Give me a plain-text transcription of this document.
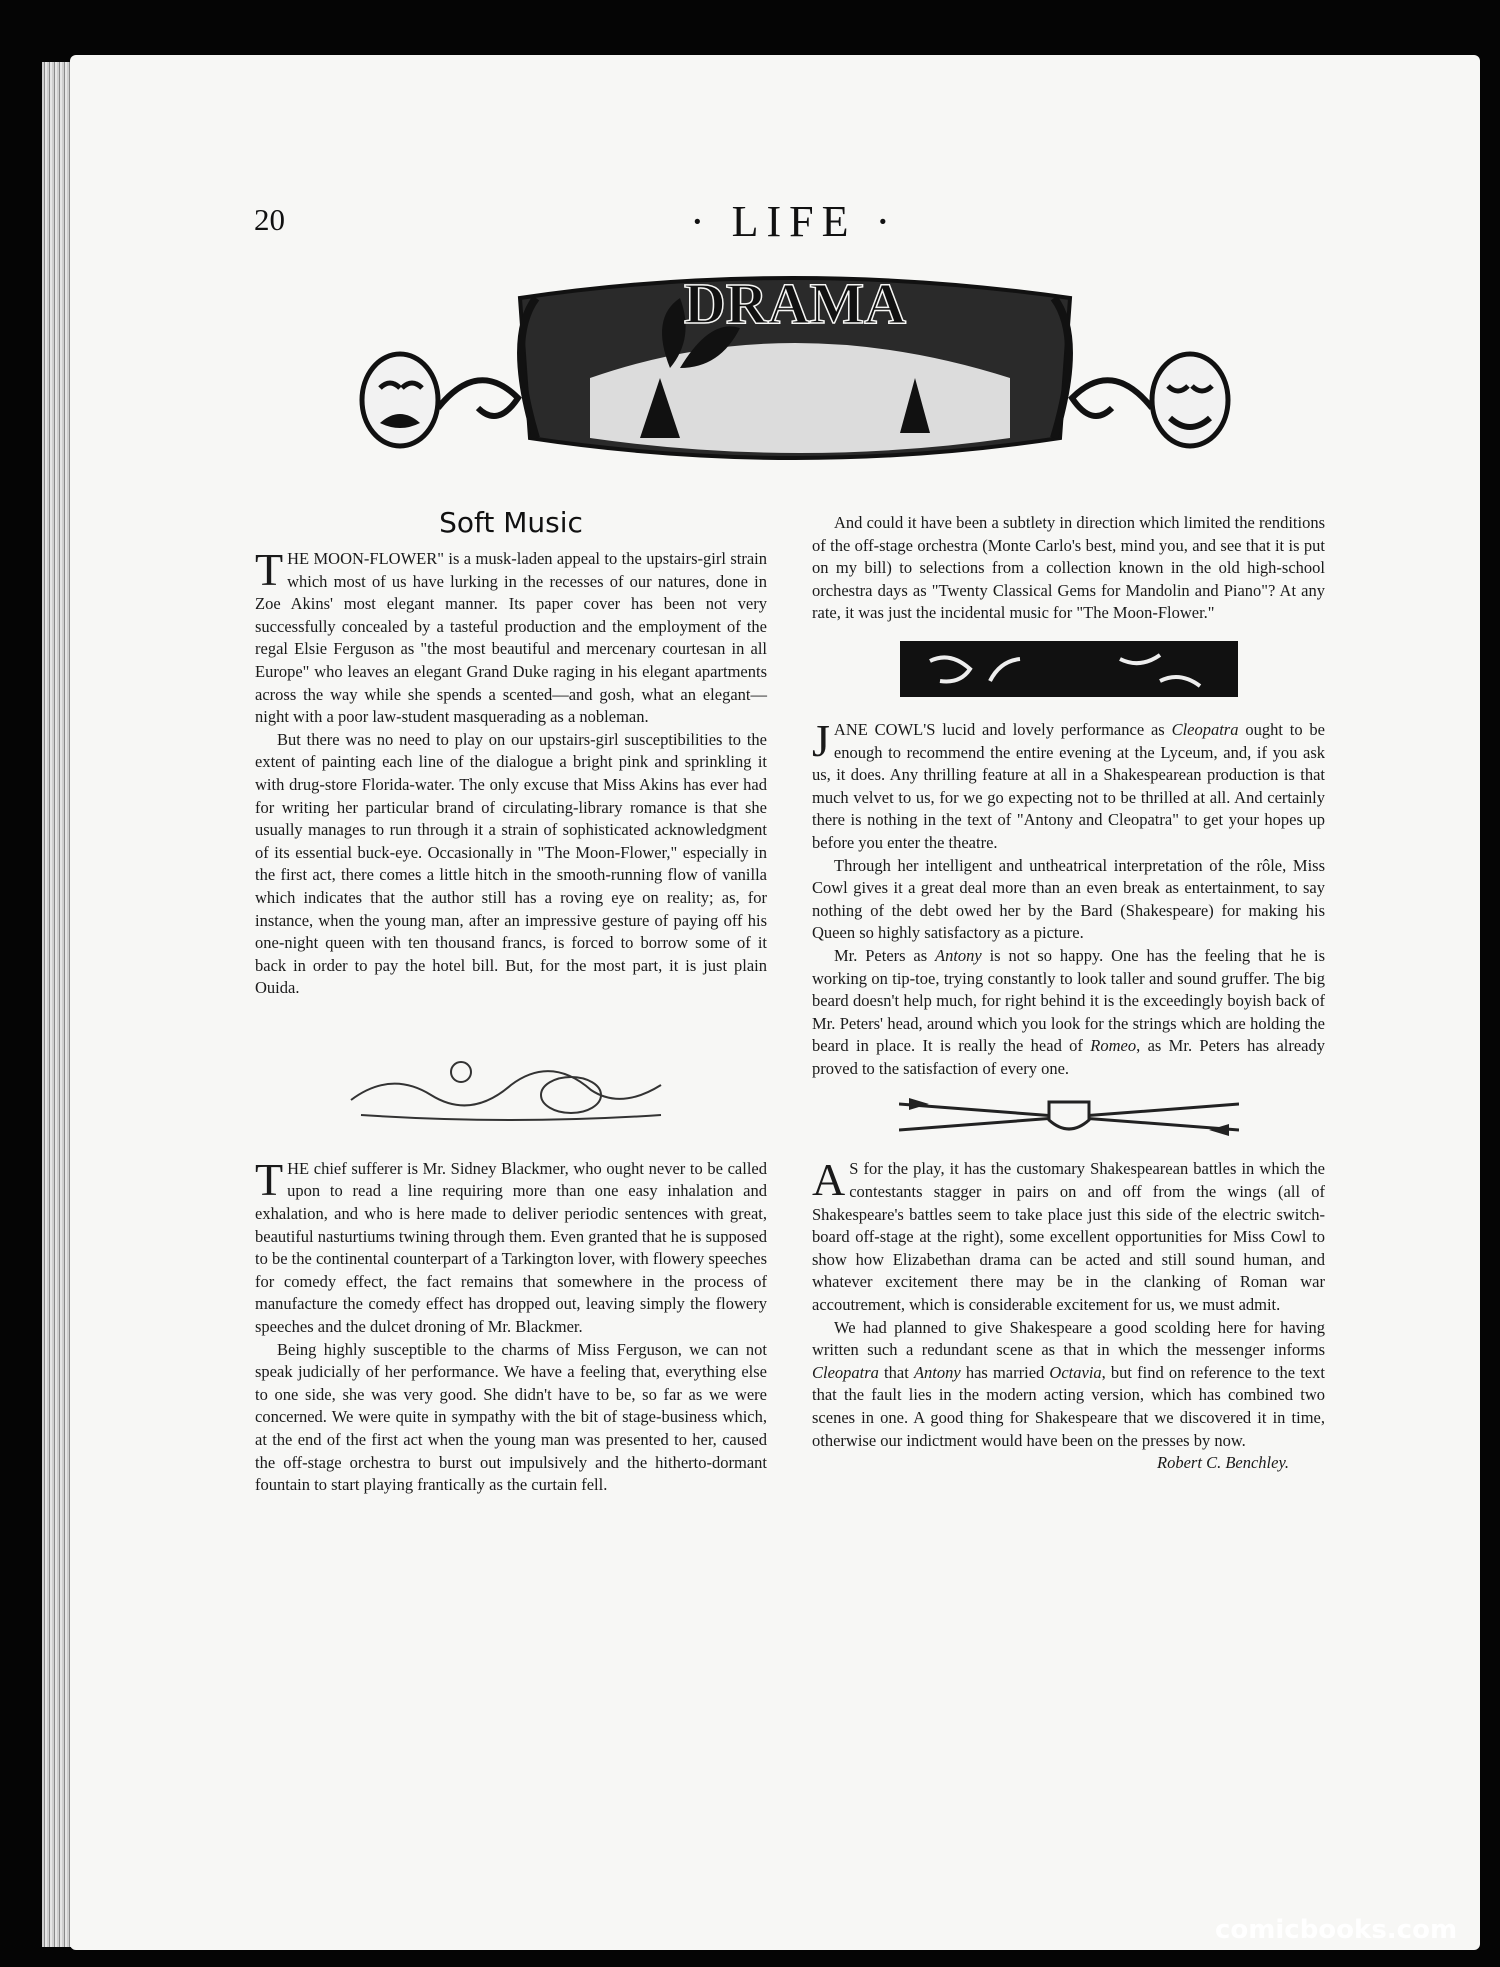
20	· LIFE ·
DRAMA
Soft Music

THE MOON-FLOWER" is a musk-laden appeal to the upstairs-girl strain which most of us have lurking in the recesses of our natures, done in Zoe Akins' most elegant manner. Its paper cover has been not very successfully concealed by a tasteful production and the employment of the regal Elsie Ferguson as "the most beautiful and mercenary courtesan in all Europe" who leaves an elegant Grand Duke raging in his elegant apartments across the way while she spends a scented—and gosh, what an elegant—night with a poor law-student masquerading as a nobleman.

But there was no need to play on our upstairs-girl susceptibilities to the extent of painting each line of the dialogue a bright pink and sprinkling it with drug-store Florida-water. The only excuse that Miss Akins has ever had for writing her particular brand of circulating-library romance is that she usually manages to run through it a strain of sophisticated acknowledgment of its essential buck-eye. Occasionally in "The Moon-Flower," especially in the first act, there comes a little hitch in the smooth-running flow of vanilla which indicates that the author still has a roving eye on reality; as, for instance, when the young man, after an impressive gesture of paying off his one-night queen with ten thousand francs, is forced to borrow some of it back in order to pay the hotel bill. But, for the most part, it is just plain Ouida.

THE chief sufferer is Mr. Sidney Blackmer, who ought never to be called upon to read a line requiring more than one easy inhalation and exhalation, and who is here made to deliver periodic sentences with great, beautiful nasturtiums twining through them. Even granted that he is supposed to be the continental counterpart of a Tarkington lover, with flowery speeches for comedy effect, the fact remains that somewhere in the process of manufacture the comedy effect has dropped out, leaving simply the flowery speeches and the dulcet droning of Mr. Blackmer.

Being highly susceptible to the charms of Miss Ferguson, we can not speak judicially of her performance. We have a feeling that, everything else to one side, she was very good. She didn't have to be, so far as we were concerned. We were quite in sympathy with the bit of stage-business which, at the end of the first act when the young man was presented to her, caused the off-stage orchestra to burst out impulsively and the hitherto-dormant fountain to start playing frantically as the curtain fell.

And could it have been a subtlety in direction which limited the renditions of the off-stage orchestra (Monte Carlo's best, mind you, and see that it is put on my bill) to selections from a collection known in the old high-school orchestra days as "Twenty Classical Gems for Mandolin and Piano"? At any rate, it was just the incidental music for "The Moon-Flower."

JANE COWL'S lucid and lovely performance as Cleopatra ought to be enough to recommend the entire evening at the Lyceum, and, if you ask us, it does. Any thrilling feature at all in a Shakespearean production is that much velvet to us, for we go expecting not to be thrilled at all. And certainly there is nothing in the text of "Antony and Cleopatra" to get your hopes up before you enter the theatre.

Through her intelligent and untheatrical interpretation of the rôle, Miss Cowl gives it a great deal more than an even break as entertainment, to say nothing of the debt owed her by the Bard (Shakespeare) for making his Queen so highly satisfactory as a picture.

Mr. Peters as Antony is not so happy. One has the feeling that he is working on tip-toe, trying constantly to look taller and sound gruffer. The big beard doesn't help much, for right behind it is the exceedingly boyish back of Mr. Peters' head, around which you look for the strings which are holding the beard in place. It is really the head of Romeo, as Mr. Peters has already proved to the satisfaction of every one.

A S for the play, it has the customary Shakespearean battles in which the contestants stagger in pairs on and off from the wings (all of Shakespeare's battles seem to take place just this side of the electric switch-board off-stage at the right), some excellent opportunities for Miss Cowl to show how Elizabethan drama can be acted and still sound human, and whatever excitement there may be in the clanking of Roman war accoutrement, which is considerable excitement for us, we must admit.

We had planned to give Shakespeare a good scolding here for having written such a redundant scene as that in which the messenger informs Cleopatra that Antony has married Octavia, but find on reference to the text that the fault lies in the modern acting version, which has combined two scenes in one. A good thing for Shakespeare that we discovered it in time, otherwise our indictment would have been on the presses by now.
Robert C. Benchley.

comicbooks.com
